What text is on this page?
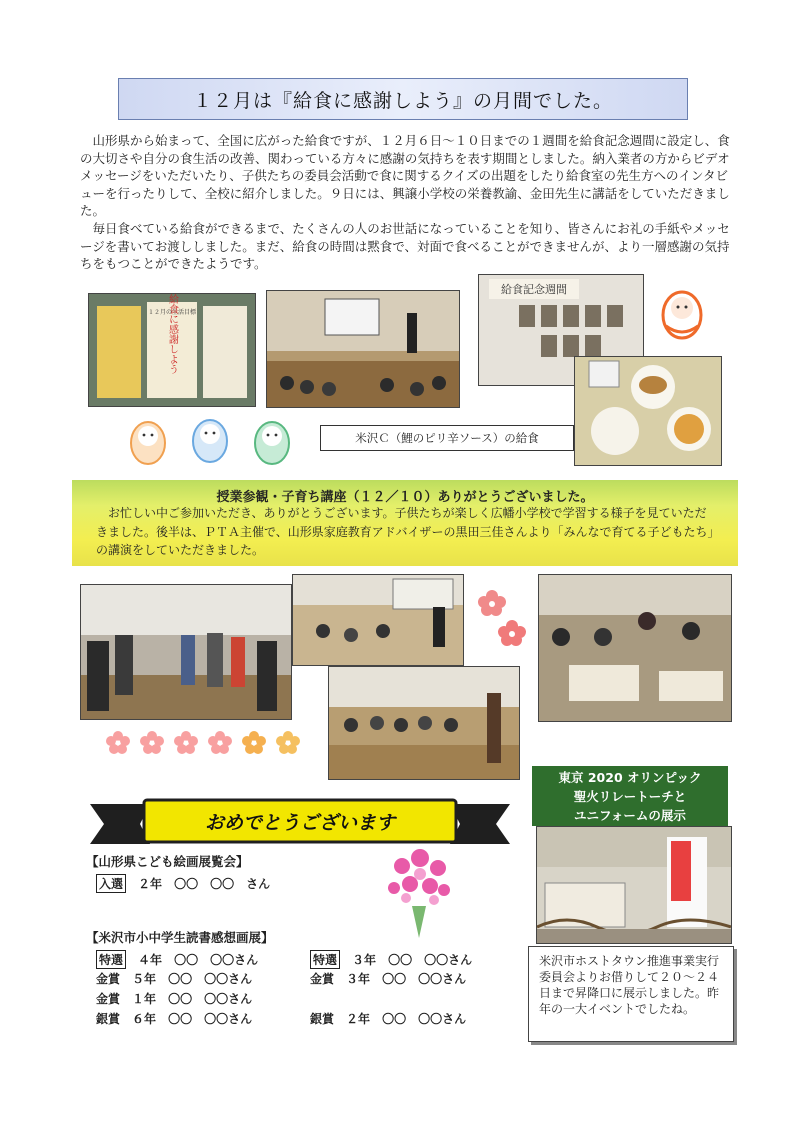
１２月は『給食に感謝しよう』の月間でした。

山形県から始まって、全国に広がった給食ですが、１２月６日～１０日までの１週間を給食記念週間に設定し、食の大切さや自分の食生活の改善、関わっている方々に感謝の気持ちを表す期間としました。納入業者の方からビデオメッセージをいただいたり、子供たちの委員会活動で食に関するクイズの出題をしたり給食室の先生方へのインタビューを行ったりして、全校に紹介しました。９日には、興譲小学校の栄養教諭、金田先生に講話をしていただきました。

毎日食べている給食ができるまで、たくさんの人のお世話になっていることを知り、皆さんにお礼の手紙やメッセージを書いてお渡ししました。まだ、給食の時間は黙食で、対面で食べることができませんが、より一層感謝の気持ちをもつことができたようです。

１２月の生活目標
給食に感謝しよう
給食記念週間
米沢Ｃ（鯉のピリ辛ソース）の給食
授業参観・子育ち講座（１２／１０）ありがとうございました。

お忙しい中ご参加いただき、ありがとうございます。子供たちが楽しく広幡小学校で学習する様子を見ていただきました。後半は、ＰＴＡ主催で、山形県家庭教育アドバイザーの黒田三佳さんより「みんなで育てる子どもたち」の講演をしていただきました。

おめでとうございます
【山形県こども絵画展覧会】
入選　 ２年　 〇〇　〇〇　さん
【米沢市小中学生読書感想画展】
特選　 ４年　 〇〇　〇〇さん	特選　 ３年　 〇〇　〇〇さん
金賞　 ５年　 〇〇　〇〇さん	金賞　 ３年　 〇〇　〇〇さん
金賞　 １年　 〇〇　〇〇さん
銀賞　 ６年　 〇〇　〇〇さん	銀賞　 ２年　 〇〇　〇〇さん
東京 2020 オリンピック
聖火リレートーチと
ユニフォームの展示
米沢市ホストタウン推進事業実行委員会よりお借りして２０～２４日まで昇降口に展示しました。昨年の一大イベントでしたね。
